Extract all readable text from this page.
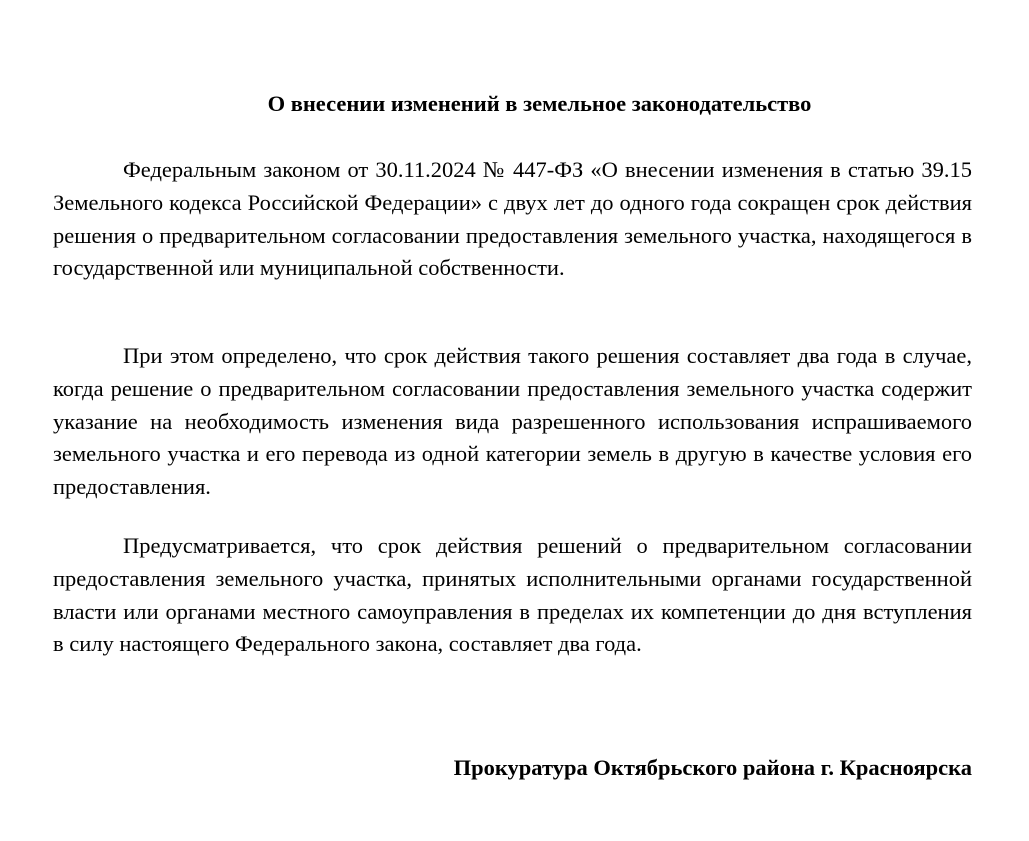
О внесении изменений в земельное законодательство

Федеральным законом от 30.11.2024 № 447-ФЗ «О внесении изменения в статью 39.15 Земельного кодекса Российской Федерации» с двух лет до одного года сокращен срок действия решения о предварительном согласовании предоставления земельного участка, находящегося в государственной или муниципальной собственности.

При этом определено, что срок действия такого решения составляет два года в случае, когда решение о предварительном согласовании предоставления земельного участка содержит указание на необходимость изменения вида разрешенного использования испрашиваемого земельного участка и его перевода из одной категории земель в другую в качестве условия его предоставления.

Предусматривается, что срок действия решений о предварительном согласовании предоставления земельного участка, принятых исполнительными органами государственной власти или органами местного самоуправления в пределах их компетенции до дня вступления в силу настоящего Федерального закона, составляет два года.

Прокуратура Октябрьского района г. Красноярска
